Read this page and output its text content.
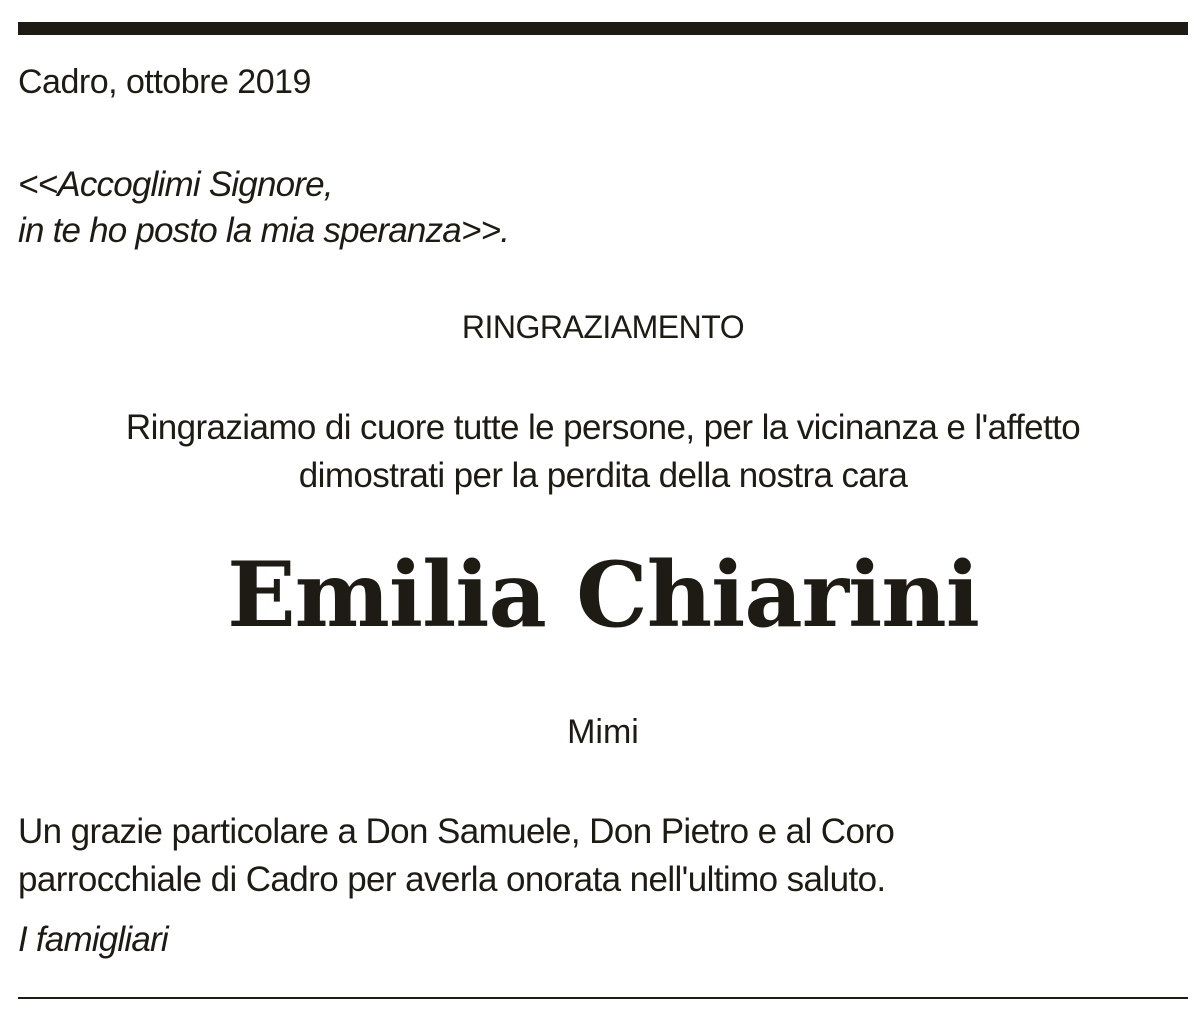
Cadro, ottobre 2019
<<Accoglimi Signore,
in te ho posto la mia speranza>>.
RINGRAZIAMENTO
Ringraziamo di cuore tutte le persone, per la vicinanza e l'affetto
dimostrati per la perdita della nostra cara
Emilia Chiarini
Mimi
Un grazie particolare a Don Samuele, Don Pietro e al Coro
parrocchiale di Cadro per averla onorata nell'ultimo saluto.
I famigliari
